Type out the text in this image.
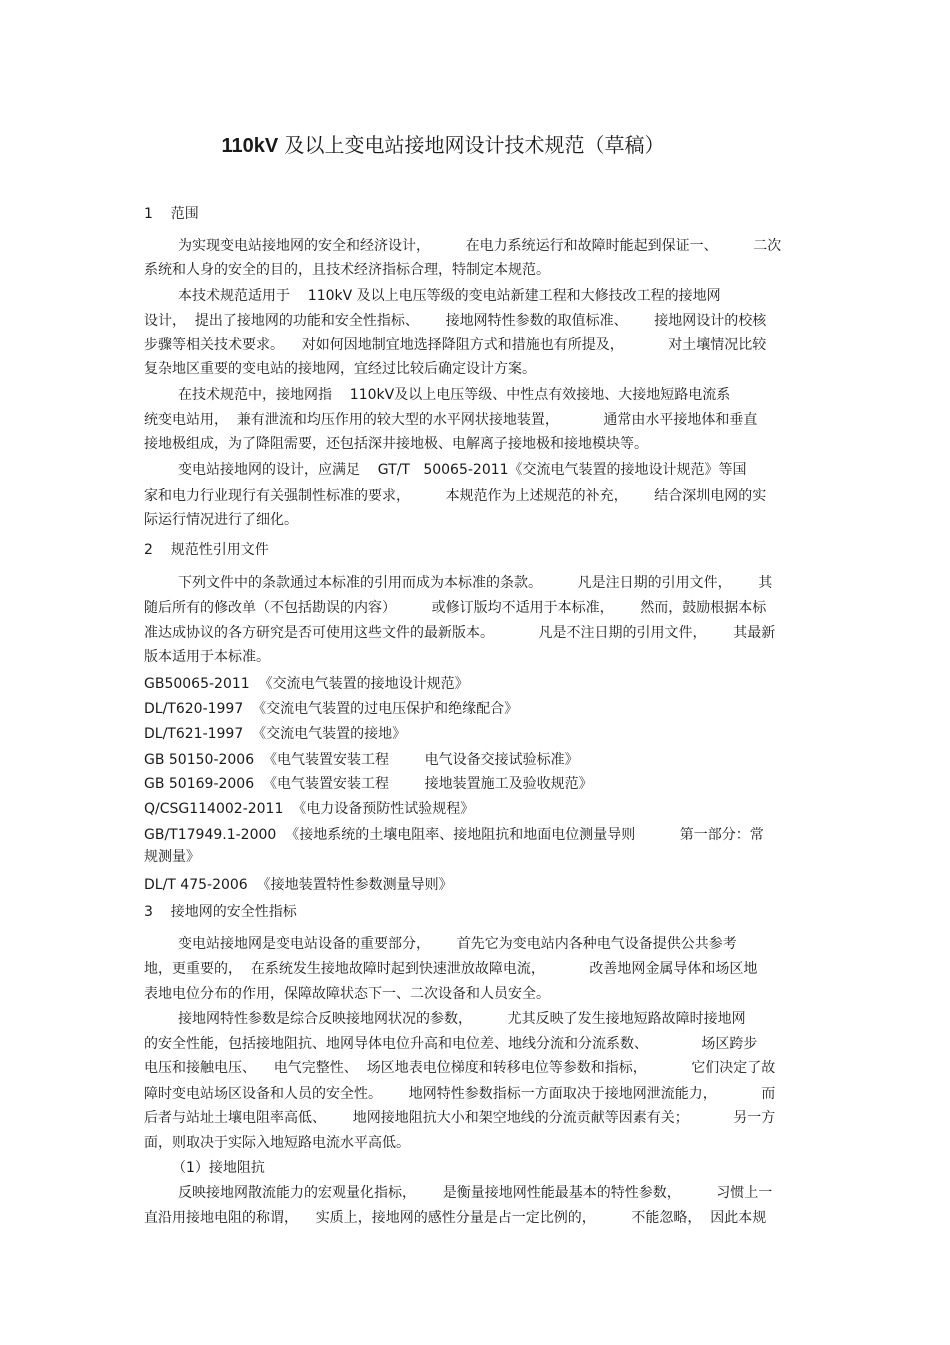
110kV 及以上变电站接地网设计技术规范（草稿）
1    范围
为实现变电站接地网的安全和经济设计，        在电力系统运行和故障时能起到保证一、        二次
系统和人身的安全的目的，且技术经济指标合理，特制定本规范。
本技术规范适用于    110kV 及以上电压等级的变电站新建工程和大修技改工程的接地网
设计，  提出了接地网的功能和安全性指标、      接地网特性参数的取值标准、      接地网设计的校核
步骤等相关技术要求。    对如何因地制宜地选择降阻方式和措施也有所提及，          对土壤情况比较
复杂地区重要的变电站的接地网，宜经过比较后确定设计方案。
在技术规范中，接地网指    110kV及以上电压等级、中性点有效接地、大接地短路电流系
统变电站用，  兼有泄流和均压作用的较大型的水平网状接地装置，          通常由水平接地体和垂直
接地极组成，为了降阻需要，还包括深井接地极、电解离子接地极和接地模块等。
变电站接地网的设计，应满足    GT/T   50065-2011《交流电气装置的接地设计规范》等国
家和电力行业现行有关强制性标准的要求，        本规范作为上述规范的补充，      结合深圳电网的实
际运行情况进行了细化。
2    规范性引用文件
下列文件中的条款通过本标准的引用而成为本标准的条款。        凡是注日期的引用文件，      其
随后所有的修改单（不包括勘误的内容）        或修订版均不适用于本标准，      然而，鼓励根据本标
准达成协议的各方研究是否可使用这些文件的最新版本。          凡是不注日期的引用文件，      其最新
版本适用于本标准。
GB50065-2011  《交流电气装置的接地设计规范》
DL/T620-1997  《交流电气装置的过电压保护和绝缘配合》
DL/T621-1997  《交流电气装置的接地》
GB 50150-2006  《电气装置安装工程        电气设备交接试验标准》
GB 50169-2006  《电气装置安装工程        接地装置施工及验收规范》
Q/CSG114002-2011  《电力设备预防性试验规程》
GB/T17949.1-2000  《接地系统的土壤电阻率、接地阻抗和地面电位测量导则          第一部分：常
规测量》
DL/T 475-2006  《接地装置特性参数测量导则》
3    接地网的安全性指标
变电站接地网是变电站设备的重要部分，      首先它为变电站内各种电气设备提供公共参考
地，更重要的，  在系统发生接地故障时起到快速泄放故障电流，          改善地网金属导体和场区地
表地电位分布的作用，保障故障状态下一、二次设备和人员安全。
接地网特性参数是综合反映接地网状况的参数，        尤其反映了发生接地短路故障时接地网
的安全性能，包括接地阻抗、地网导体电位升高和电位差、地线分流和分流系数、            场区跨步
电压和接触电压、    电气完整性、  场区地表电位梯度和转移电位等参数和指标，          它们决定了故
障时变电站场区设备和人员的安全性。      地网特性参数指标一方面取决于接地网泄流能力，          而
后者与站址土壤电阻率高低、      地网接地阻抗大小和架空地线的分流贡献等因素有关；          另一方
面，则取决于实际入地短路电流水平高低。
（1）接地阻抗
反映接地网散流能力的宏观量化指标，      是衡量接地网性能最基本的特性参数，        习惯上一
直沿用接地电阻的称谓，    实质上，接地网的感性分量是占一定比例的，        不能忽略，  因此本规
